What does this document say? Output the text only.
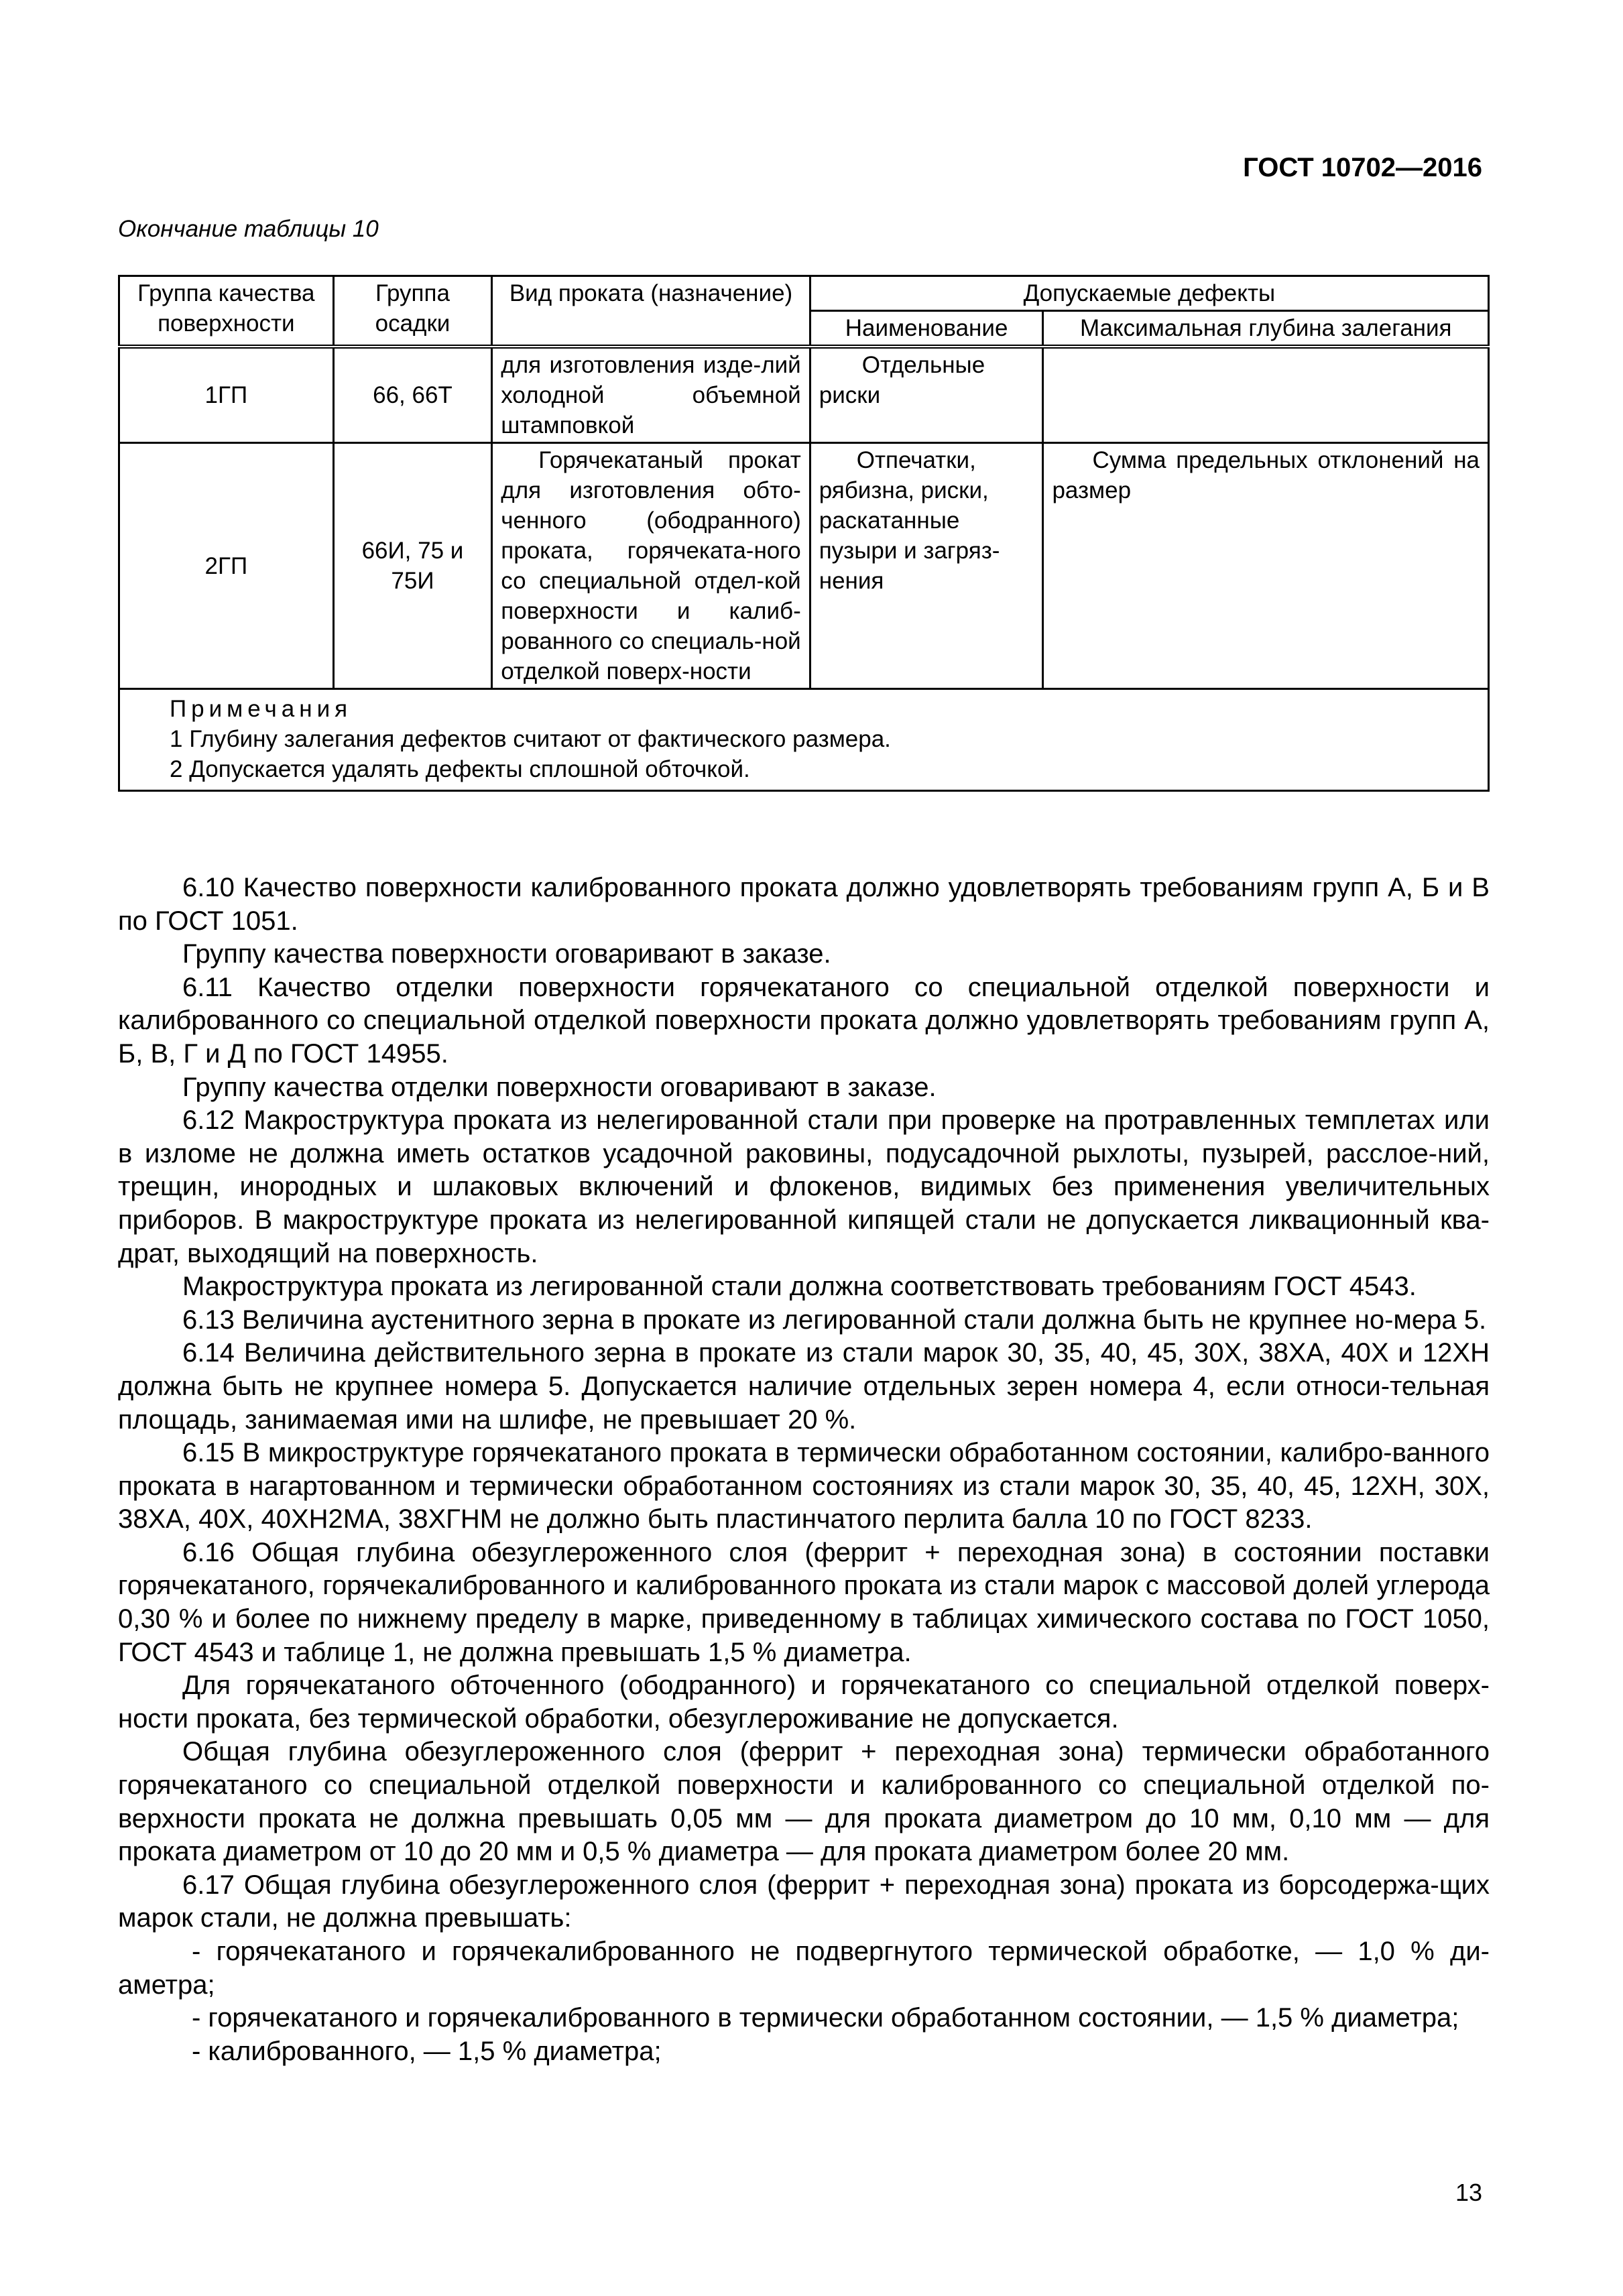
ГОСТ 10702—2016
Окончание таблицы 10
Группа качества поверхности	Группа осадки	Вид проката (назначение)	Допускаемые дефекты	
			Наименование	Максимальная глубина залегания
1ГП	66, 66Т	для изготовления изде-лий холодной объемной штамповкой	Отдельные риски	
2ГП	66И, 75 и 75И	Горячекатаный прокат для изготовления обто-ченного (ободранного) проката, горячеката-ного со специальной отдел-кой поверхности и калиб-рованного со специаль-ной отделкой поверх-ности	Отпечатки, рябизна, риски, раскатанные пузыри и загряз-нения	Сумма предельных отклонений на размер

Примечания
1 Глубину залегания дефектов считают от фактического размера.
2 Допускается удалять дефекты сплошной обточкой.				

6.10 Качество поверхности калиброванного проката должно удовлетворять требованиям групп А, Б и В по ГОСТ 1051.

Группу качества поверхности оговаривают в заказе.

6.11 Качество отделки поверхности горячекатаного со специальной отделкой поверхности и калиброванного со специальной отделкой поверхности проката должно удовлетворять требованиям групп А, Б, В, Г и Д по ГОСТ 14955.

Группу качества отделки поверхности оговаривают в заказе.

6.12 Макроструктура проката из нелегированной стали при проверке на протравленных темплетах или в изломе не должна иметь остатков усадочной раковины, подусадочной рыхлоты, пузырей, расслое-ний, трещин, инородных и шлаковых включений и флокенов, видимых без применения увеличительных приборов. В макроструктуре проката из нелегированной кипящей стали не допускается ликвационный ква-драт, выходящий на поверхность.

Макроструктура проката из легированной стали должна соответствовать требованиям ГОСТ 4543.

6.13 Величина аустенитного зерна в прокате из легированной стали должна быть не крупнее но-мера 5.

6.14 Величина действительного зерна в прокате из стали марок 30, 35, 40, 45, 30Х, 38ХА, 40Х и 12ХН должна быть не крупнее номера 5. Допускается наличие отдельных зерен номера 4, если относи-тельная площадь, занимаемая ими на шлифе, не превышает 20 %.

6.15 В микроструктуре горячекатаного проката в термически обработанном состоянии, калибро-ванного проката в нагартованном и термически обработанном состояниях из стали марок 30, 35, 40, 45, 12ХН, 30Х, 38ХА, 40Х, 40ХН2МА, 38ХГНМ не должно быть пластинчатого перлита балла 10 по ГОСТ 8233.

6.16 Общая глубина обезуглероженного слоя (феррит + переходная зона) в состоянии поставки горячекатаного, горячекалиброванного и калиброванного проката из стали марок с массовой долей углерода 0,30 % и более по нижнему пределу в марке, приведенному в таблицах химического состава по ГОСТ 1050, ГОСТ 4543 и таблице 1, не должна превышать 1,5 % диаметра.

Для горячекатаного обточенного (ободранного) и горячекатаного со специальной отделкой поверх-ности проката, без термической обработки, обезуглероживание не допускается.

Общая глубина обезуглероженного слоя (феррит + переходная зона) термически обработанного горячекатаного со специальной отделкой поверхности и калиброванного со специальной отделкой по-верхности проката не должна превышать 0,05 мм — для проката диаметром до 10 мм, 0,10 мм — для проката диаметром от 10 до 20 мм и 0,5 % диаметра — для проката диаметром более 20 мм.

6.17 Общая глубина обезуглероженного слоя (феррит + переходная зона) проката из борсодержа-щих марок стали, не должна превышать:

- горячекатаного и горячекалиброванного не подвергнутого термической обработке, — 1,0 % ди-аметра;

- горячекатаного и горячекалиброванного в термически обработанном состоянии, — 1,5 % диаметра;

- калиброванного, — 1,5 % диаметра;

13
